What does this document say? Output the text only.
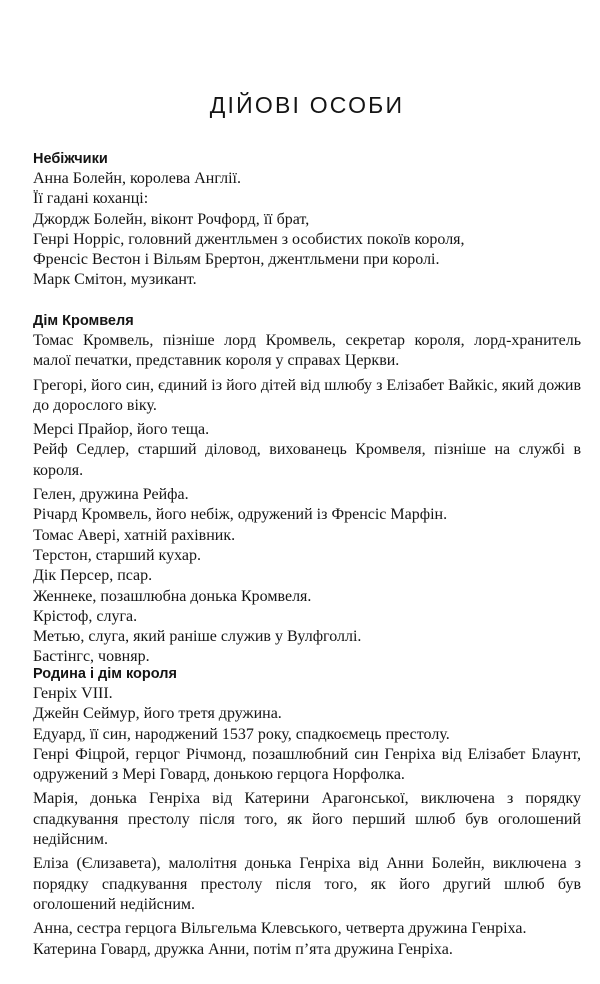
ДІЙОВІ ОСОБИ
Небіжчики
Анна Болейн, королева Англії.
Її гадані коханці:
Джордж Болейн, віконт Рочфорд, її брат,
Генрі Норріс, головний джентльмен з особистих покоїв короля,
Френсіс Вестон і Вільям Брертон, джентльмени при королі.
Марк Смітон, музикант.
Дім Кромвеля
Томас Кромвель, пізніше лорд Кромвель, секретар короля, лорд-хранитель малої печатки, представник короля у справах Церкви.
Грегорі, його син, єдиний із його дітей від шлюбу з Елізабет Вайкіс, який дожив до дорослого віку.
Мерсі Прайор, його теща.
Рейф Седлер, старший діловод, вихованець Кромвеля, пізніше на службі в короля.
Гелен, дружина Рейфа.
Річард Кромвель, його небіж, одружений із Френсіс Марфін.
Томас Аверi, хатній рахівник.
Терстон, старший кухар.
Дік Персер, псар.
Женнеке, позашлюбна донька Кромвеля.
Крістоф, слуга.
Метью, слуга, який раніше служив у Вулфголлі.
Бастінгс, човняр.
Родина і дім короля
Генріх VIII.
Джейн Сеймур, його третя дружина.
Едуард, її син, народжений 1537 року, спадкоємець престолу.
Генрі Фіцрой, герцог Річмонд, позашлюбний син Генріха від Елізабет Блаунт, одружений з Мері Говард, донькою герцога Норфолка.
Марія, донька Генріха від Катерини Арагонської, виключена з порядку спадкування престолу після того, як його перший шлюб був оголошений недійсним.
Еліза (Єлизавета), малолітня донька Генріха від Анни Болейн, виключена з порядку спадкування престолу після того, як його другий шлюб був оголошений недійсним.
Анна, сестра герцога Вільгельма Клевського, четверта дружина Генріха.
Катерина Говард, дружка Анни, потім п’ята дружина Генріха.
